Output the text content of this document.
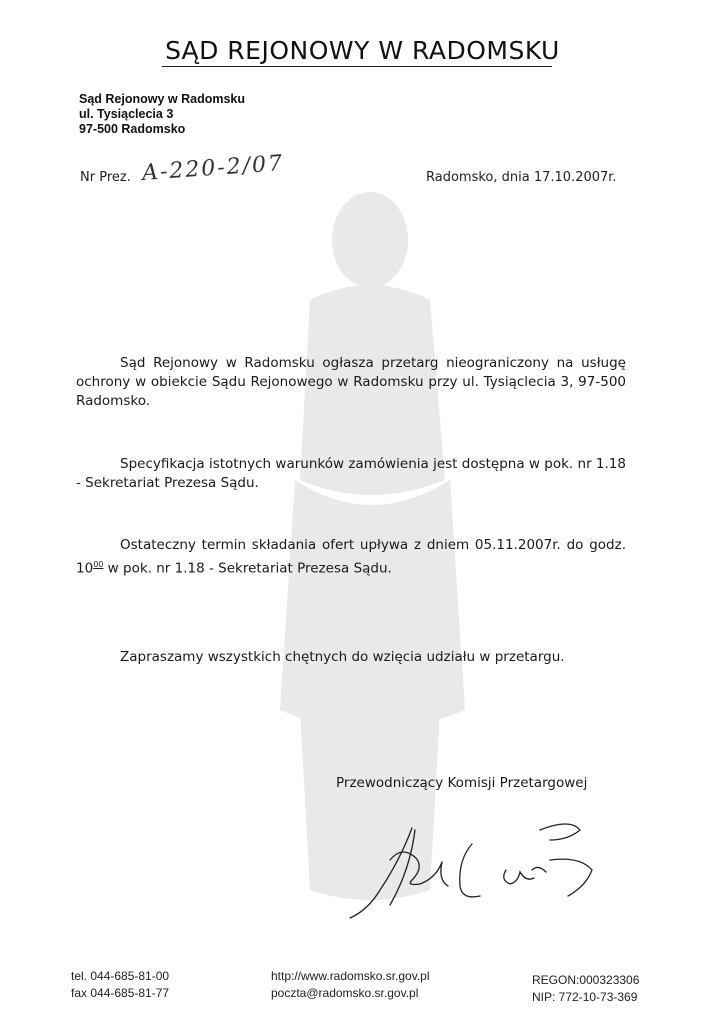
SĄD REJONOWY W RADOMSKU
Sąd Rejonowy w Radomsku
ul. Tysiąclecia 3
97-500 Radomsko
Nr Prez. A-220-2/07	Radomsko, dnia 17.10.2007r.
Sąd Rejonowy w Radomsku ogłasza przetarg nieograniczony na usługę ochrony w obiekcie Sądu Rejonowego w Radomsku przy ul. Tysiąclecia 3, 97-500 Radomsko.
Specyfikacja istotnych warunków zamówienia jest dostępna w pok. nr 1.18 - Sekretariat Prezesa Sądu.
Ostateczny termin składania ofert upływa z dniem 05.11.2007r. do godz. $10^{00}$ w pok. nr 1.18 - Sekretariat Prezesa Sądu.
Zapraszamy wszystkich chętnych do wzięcia udziału w przetargu.
Przewodniczący Komisji Przetargowej
tel. 044-685-81-00
fax 044-685-81-77
http://www.radomsko.sr.gov.pl
poczta@radomsko.sr.gov.pl
REGON:000323306
NIP: 772-10-73-369
